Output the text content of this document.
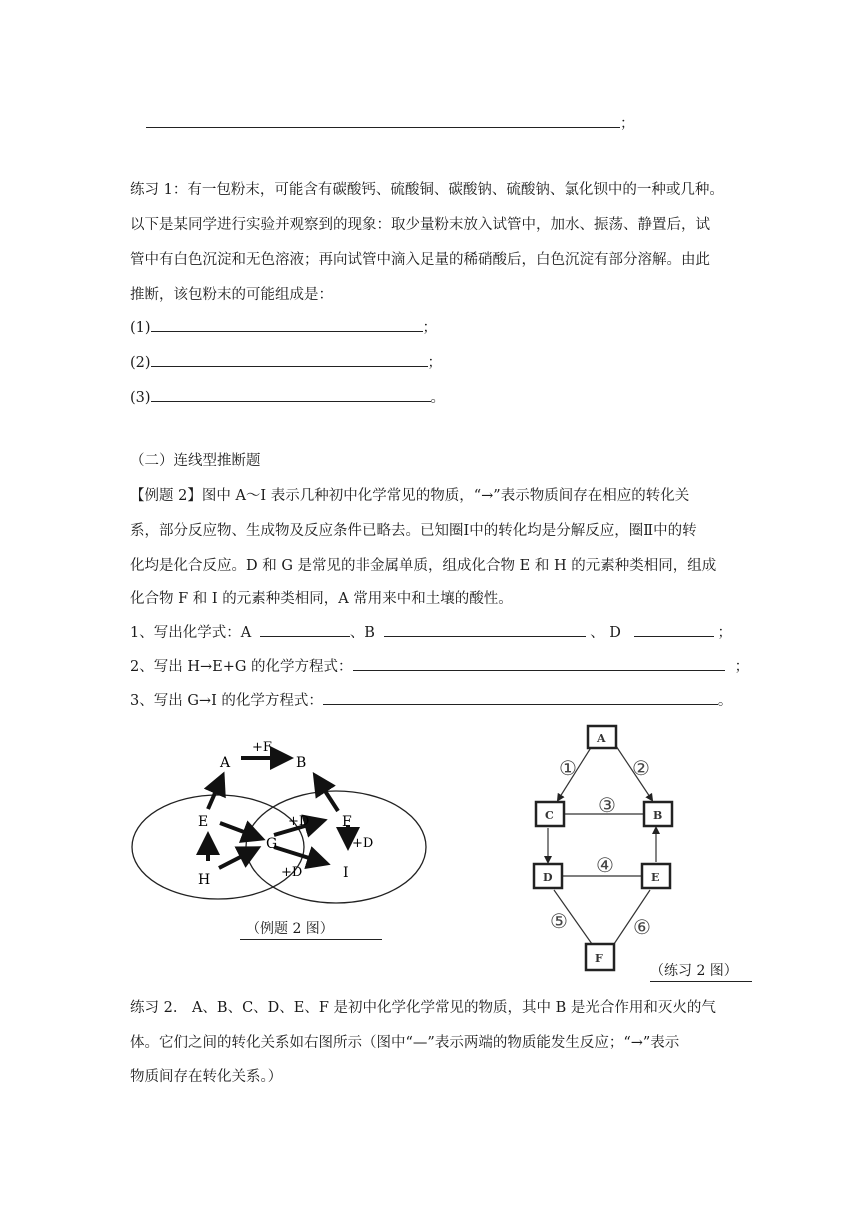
；
练习 1：有一包粉末，可能含有碳酸钙、硫酸铜、碳酸钠、硫酸钠、氯化钡中的一种或几种。
以下是某同学进行实验并观察到的现象：取少量粉末放入试管中，加水、振荡、静置后，试
管中有白色沉淀和无色溶液；再向试管中滴入足量的稀硝酸后，白色沉淀有部分溶解。由此
推断，该包粉末的可能组成是：
(1)	；
(2)	；
(3)	。
（二）连线型推断题
【例题 2】图中 A～I 表示几种初中化学常见的物质，“→”表示物质间存在相应的转化关
系，部分反应物、生成物及反应条件已略去。已知圈Ⅰ中的转化均是分解反应，圈Ⅱ中的转
化均是化合反应。D 和 G 是常见的非金属单质，组成化合物 E 和 H 的元素种类相同，组成
化合物 F 和 I 的元素种类相同，A 常用来中和土壤的酸性。
1、写出化学式：A	、B	、 D	；
2、写出 H→E+G 的化学方程式：	；
3、写出 G→I 的化学方程式：	。
A	B
E	F
G
H	I
+F
+D
+D
+D
（例题 2 图）
A
C	B
D	E
F
①	②
③
④
⑤	⑥
（练习 2 图）
练习 2.　A、B、C、D、E、F 是初中化学化学常见的物质，其中 B 是光合作用和灭火的气
体。它们之间的转化关系如右图所示（图中“—”表示两端的物质能发生反应；“→”表示
物质间存在转化关系。）
